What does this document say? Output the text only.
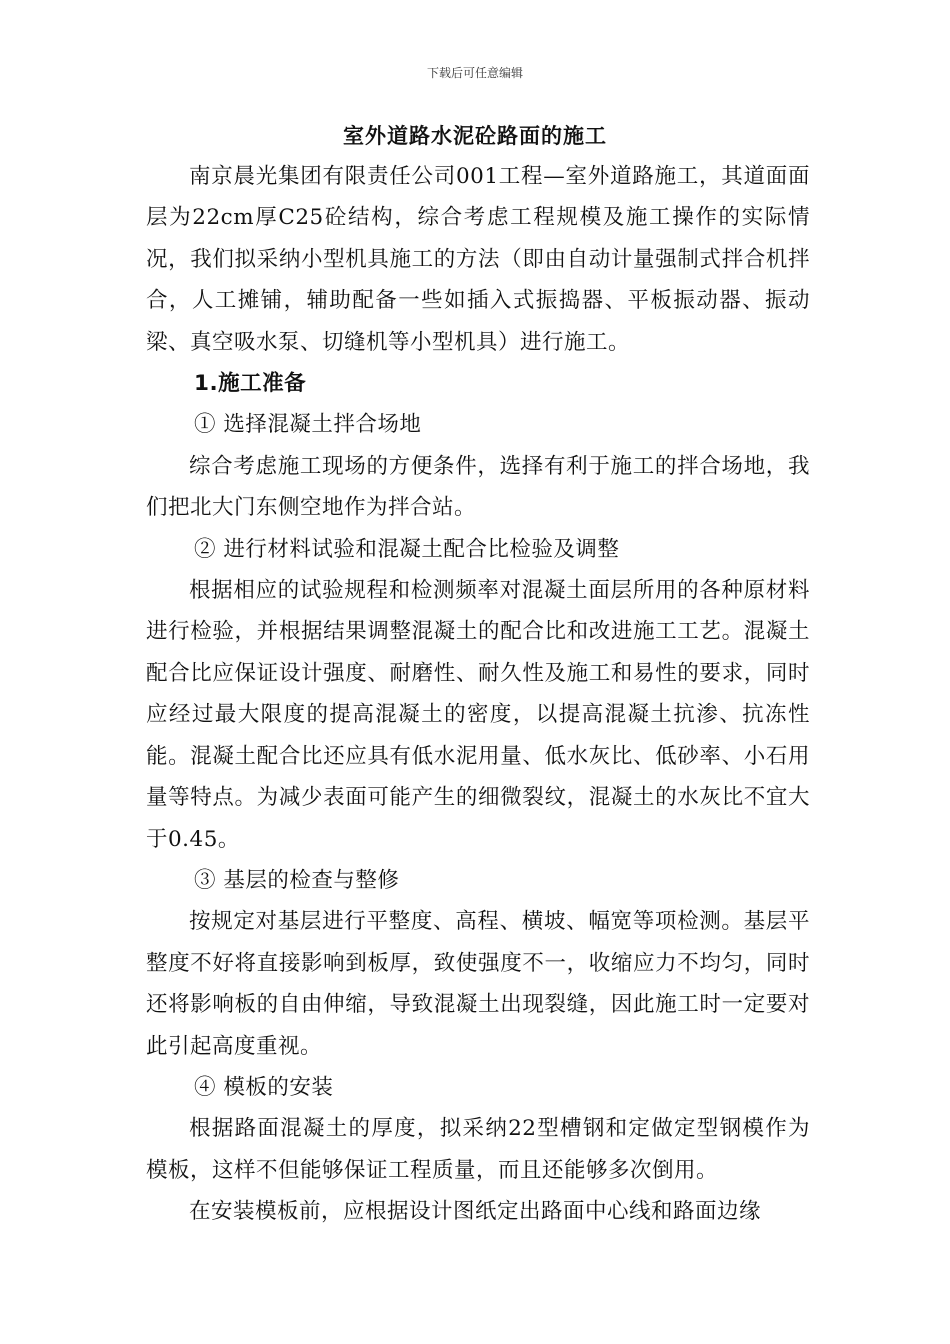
下载后可任意编辑
室外道路水泥砼路面的施工

南京晨光集团有限责任公司001工程—室外道路施工，其道面面层为22cm厚C25砼结构，综合考虑工程规模及施工操作的实际情况，我们拟采纳小型机具施工的方法（即由自动计量强制式拌合机拌合，人工摊铺，辅助配备一些如插入式振捣器、平板振动器、振动梁、真空吸水泵、切缝机等小型机具）进行施工。

1.施工准备

① 选择混凝土拌合场地

综合考虑施工现场的方便条件，选择有利于施工的拌合场地，我们把北大门东侧空地作为拌合站。

② 进行材料试验和混凝土配合比检验及调整

根据相应的试验规程和检测频率对混凝土面层所用的各种原材料进行检验，并根据结果调整混凝土的配合比和改进施工工艺。混凝土配合比应保证设计强度、耐磨性、耐久性及施工和易性的要求，同时应经过最大限度的提高混凝土的密度，以提高混凝土抗渗、抗冻性能。混凝土配合比还应具有低水泥用量、低水灰比、低砂率、小石用量等特点。为减少表面可能产生的细微裂纹，混凝土的水灰比不宜大于0.45。

③ 基层的检查与整修

按规定对基层进行平整度、高程、横坡、幅宽等项检测。基层平整度不好将直接影响到板厚，致使强度不一，收缩应力不均匀，同时还将影响板的自由伸缩，导致混凝土出现裂缝，因此施工时一定要对此引起高度重视。

④ 模板的安装

根据路面混凝土的厚度，拟采纳22型槽钢和定做定型钢模作为模板，这样不但能够保证工程质量，而且还能够多次倒用。

在安装模板前，应根据设计图纸定出路面中心线和路面边缘
